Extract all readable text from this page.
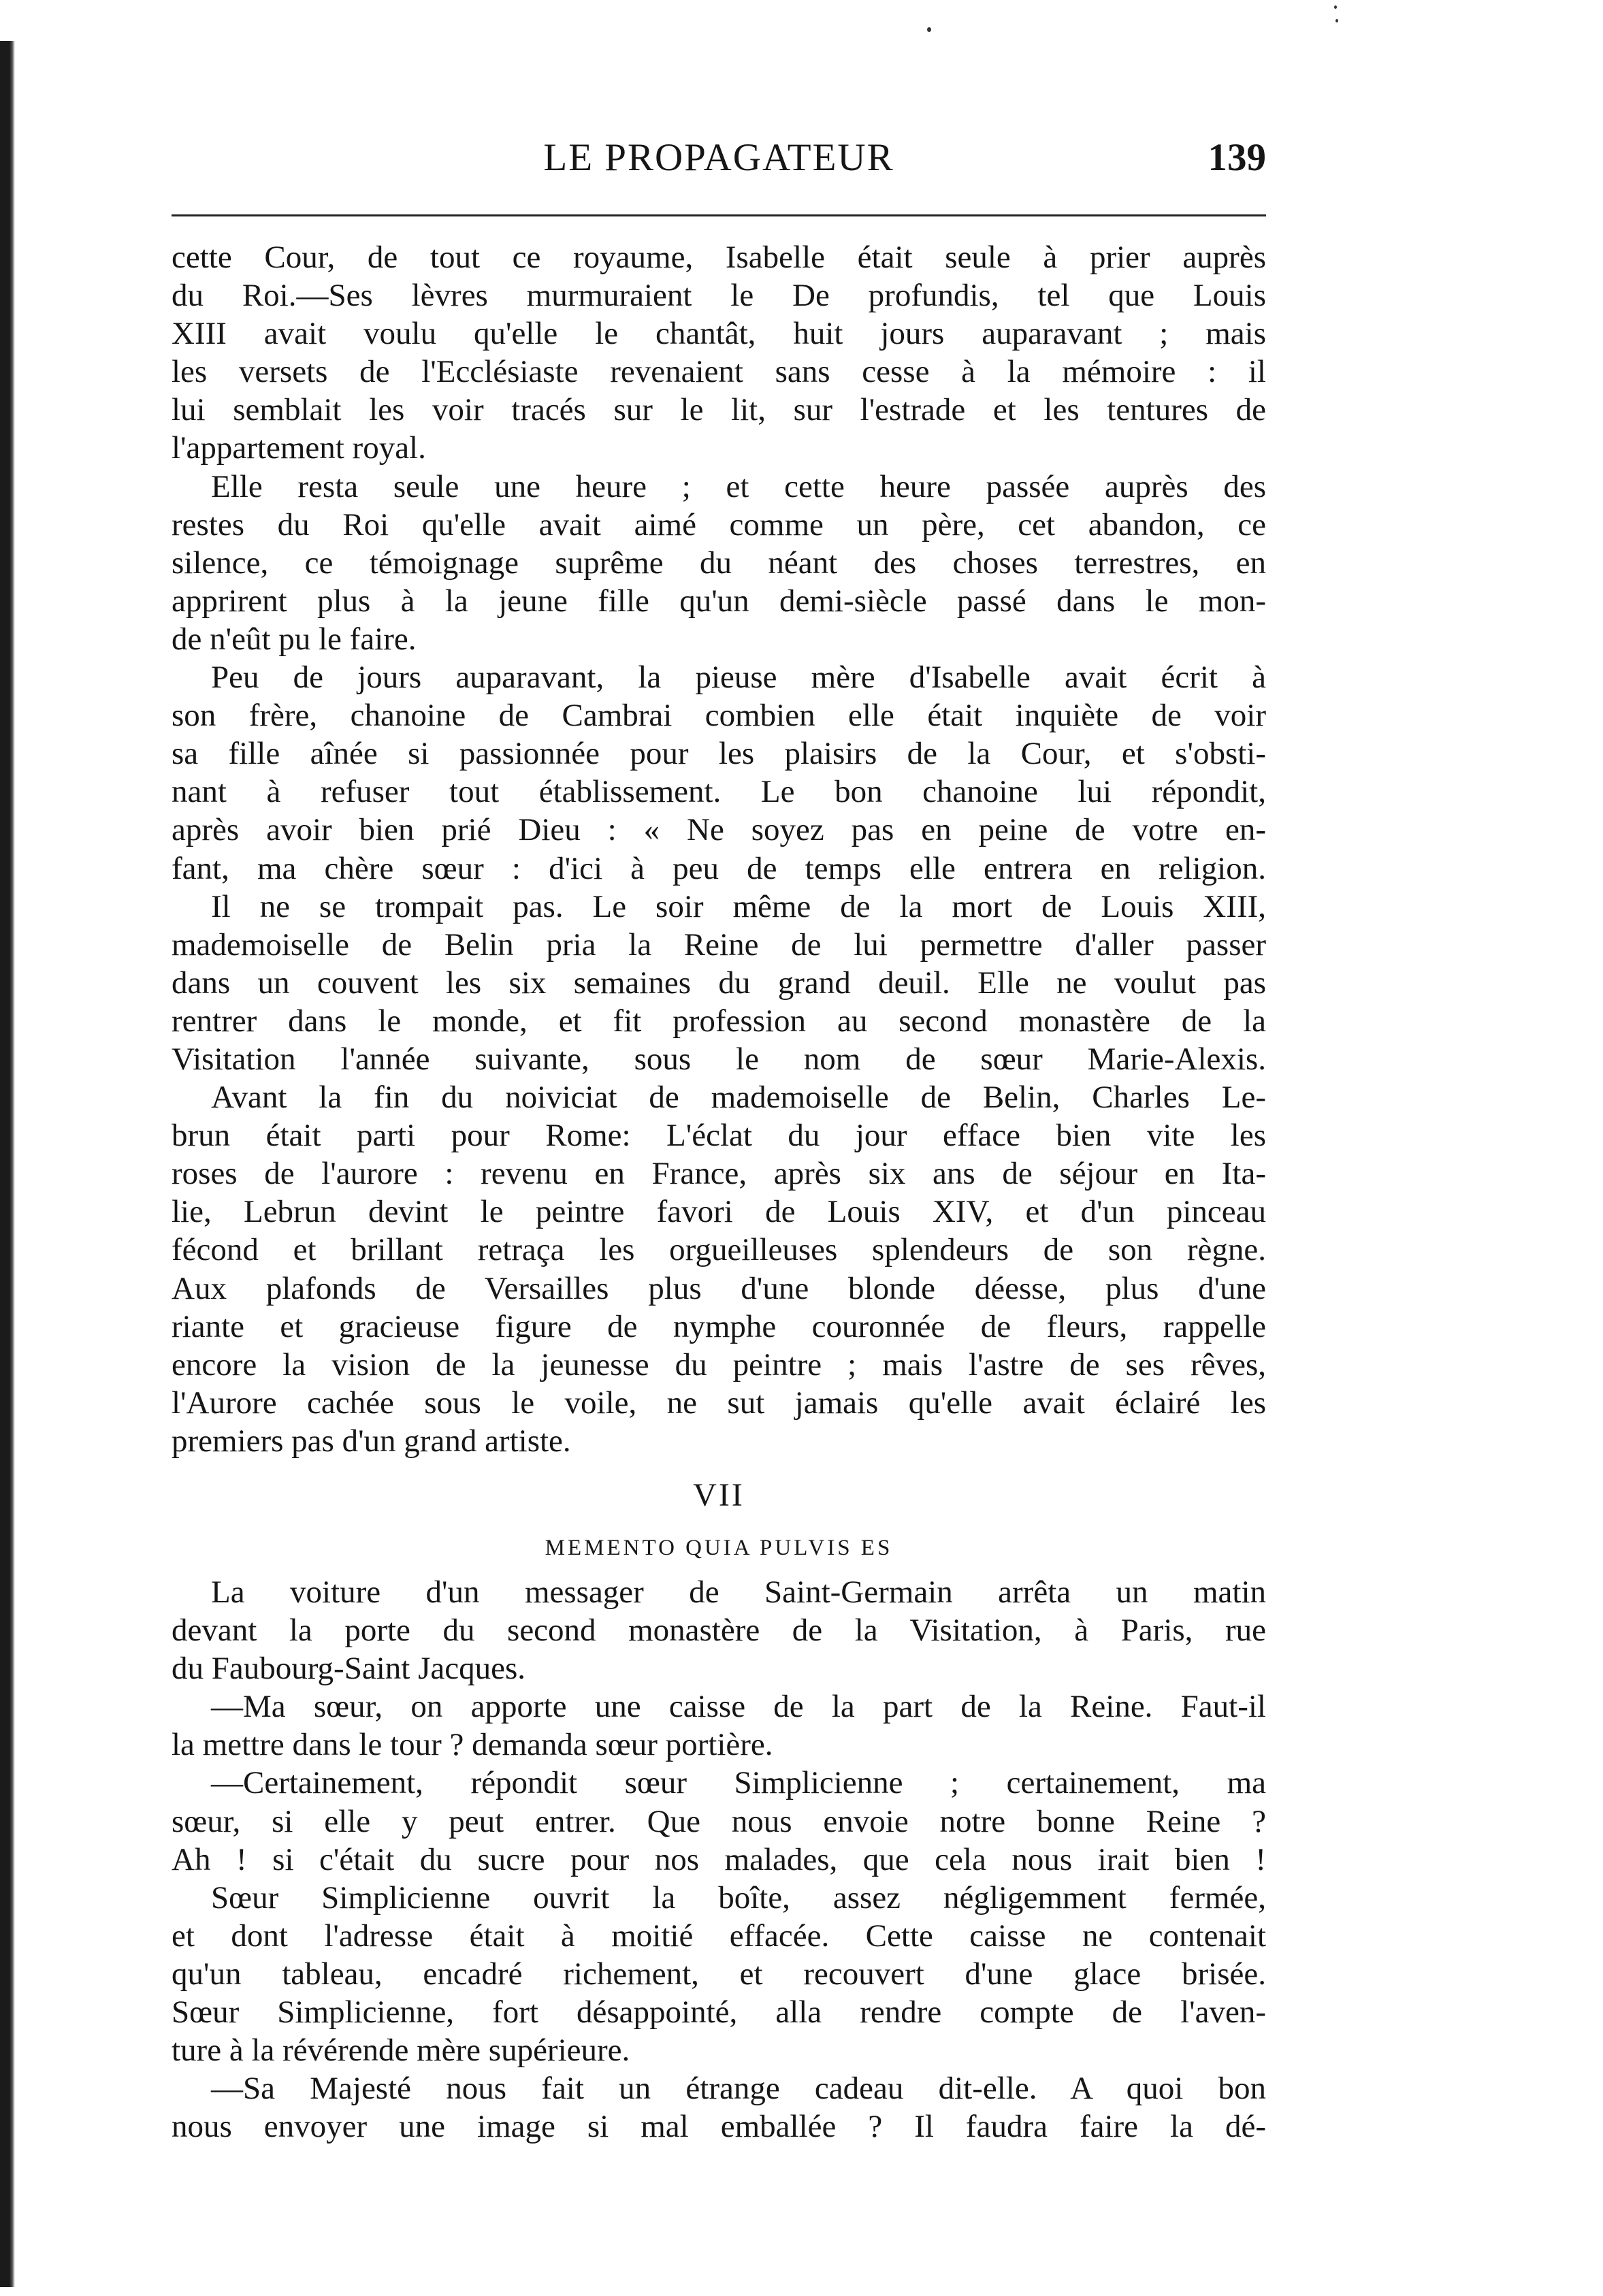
LE PROPAGATEUR	139
cette Cour, de tout ce royaume, Isabelle était seule à prier auprès
du Roi.—Ses lèvres murmuraient le De profundis, tel que Louis
XIII avait voulu qu'elle le chantât, huit jours auparavant ; mais
les versets de l'Ecclésiaste revenaient sans cesse à la mémoire : il
lui semblait les voir tracés sur le lit, sur l'estrade et les tentures de
l'appartement royal.
Elle resta seule une heure ; et cette heure passée auprès des
restes du Roi qu'elle avait aimé comme un père, cet abandon, ce
silence, ce témoignage suprême du néant des choses terrestres, en
apprirent plus à la jeune fille qu'un demi-siècle passé dans le mon-
de n'eût pu le faire.
Peu de jours auparavant, la pieuse mère d'Isabelle avait écrit à
son frère, chanoine de Cambrai combien elle était inquiète de voir
sa fille aînée si passionnée pour les plaisirs de la Cour, et s'obsti-
nant à refuser tout établissement. Le bon chanoine lui répondit,
après avoir bien prié Dieu : « Ne soyez pas en peine de votre en-
fant, ma chère sœur : d'ici à peu de temps elle entrera en religion.
Il ne se trompait pas. Le soir même de la mort de Louis XIII,
mademoiselle de Belin pria la Reine de lui permettre d'aller passer
dans un couvent les six semaines du grand deuil. Elle ne voulut pas
rentrer dans le monde, et fit profession au second monastère de la
Visitation l'année suivante, sous le nom de sœur Marie-Alexis.
Avant la fin du noiviciat de mademoiselle de Belin, Charles Le-
brun était parti pour Rome: L'éclat du jour efface bien vite les
roses de l'aurore : revenu en France, après six ans de séjour en Ita-
lie, Lebrun devint le peintre favori de Louis XIV, et d'un pinceau
fécond et brillant retraça les orgueilleuses splendeurs de son règne.
Aux plafonds de Versailles plus d'une blonde déesse, plus d'une
riante et gracieuse figure de nymphe couronnée de fleurs, rappelle
encore la vision de la jeunesse du peintre ; mais l'astre de ses rêves,
l'Aurore cachée sous le voile, ne sut jamais qu'elle avait éclairé les
premiers pas d'un grand artiste.
VII
MEMENTO QUIA PULVIS ES
La voiture d'un messager de Saint-Germain arrêta un matin
devant la porte du second monastère de la Visitation, à Paris, rue
du Faubourg-Saint Jacques.
—Ma sœur, on apporte une caisse de la part de la Reine. Faut-il
la mettre dans le tour ? demanda sœur portière.
—Certainement, répondit sœur Simplicienne ; certainement, ma
sœur, si elle y peut entrer. Que nous envoie notre bonne Reine ?
Ah ! si c'était du sucre pour nos malades, que cela nous irait bien !
Sœur Simplicienne ouvrit la boîte, assez négligemment fermée,
et dont l'adresse était à moitié effacée. Cette caisse ne contenait
qu'un tableau, encadré richement, et recouvert d'une glace brisée.
Sœur Simplicienne, fort désappointé, alla rendre compte de l'aven-
ture à la révérende mère supérieure.
—Sa Majesté nous fait un étrange cadeau dit-elle. A quoi bon
nous envoyer une image si mal emballée ? Il faudra faire la dé-
